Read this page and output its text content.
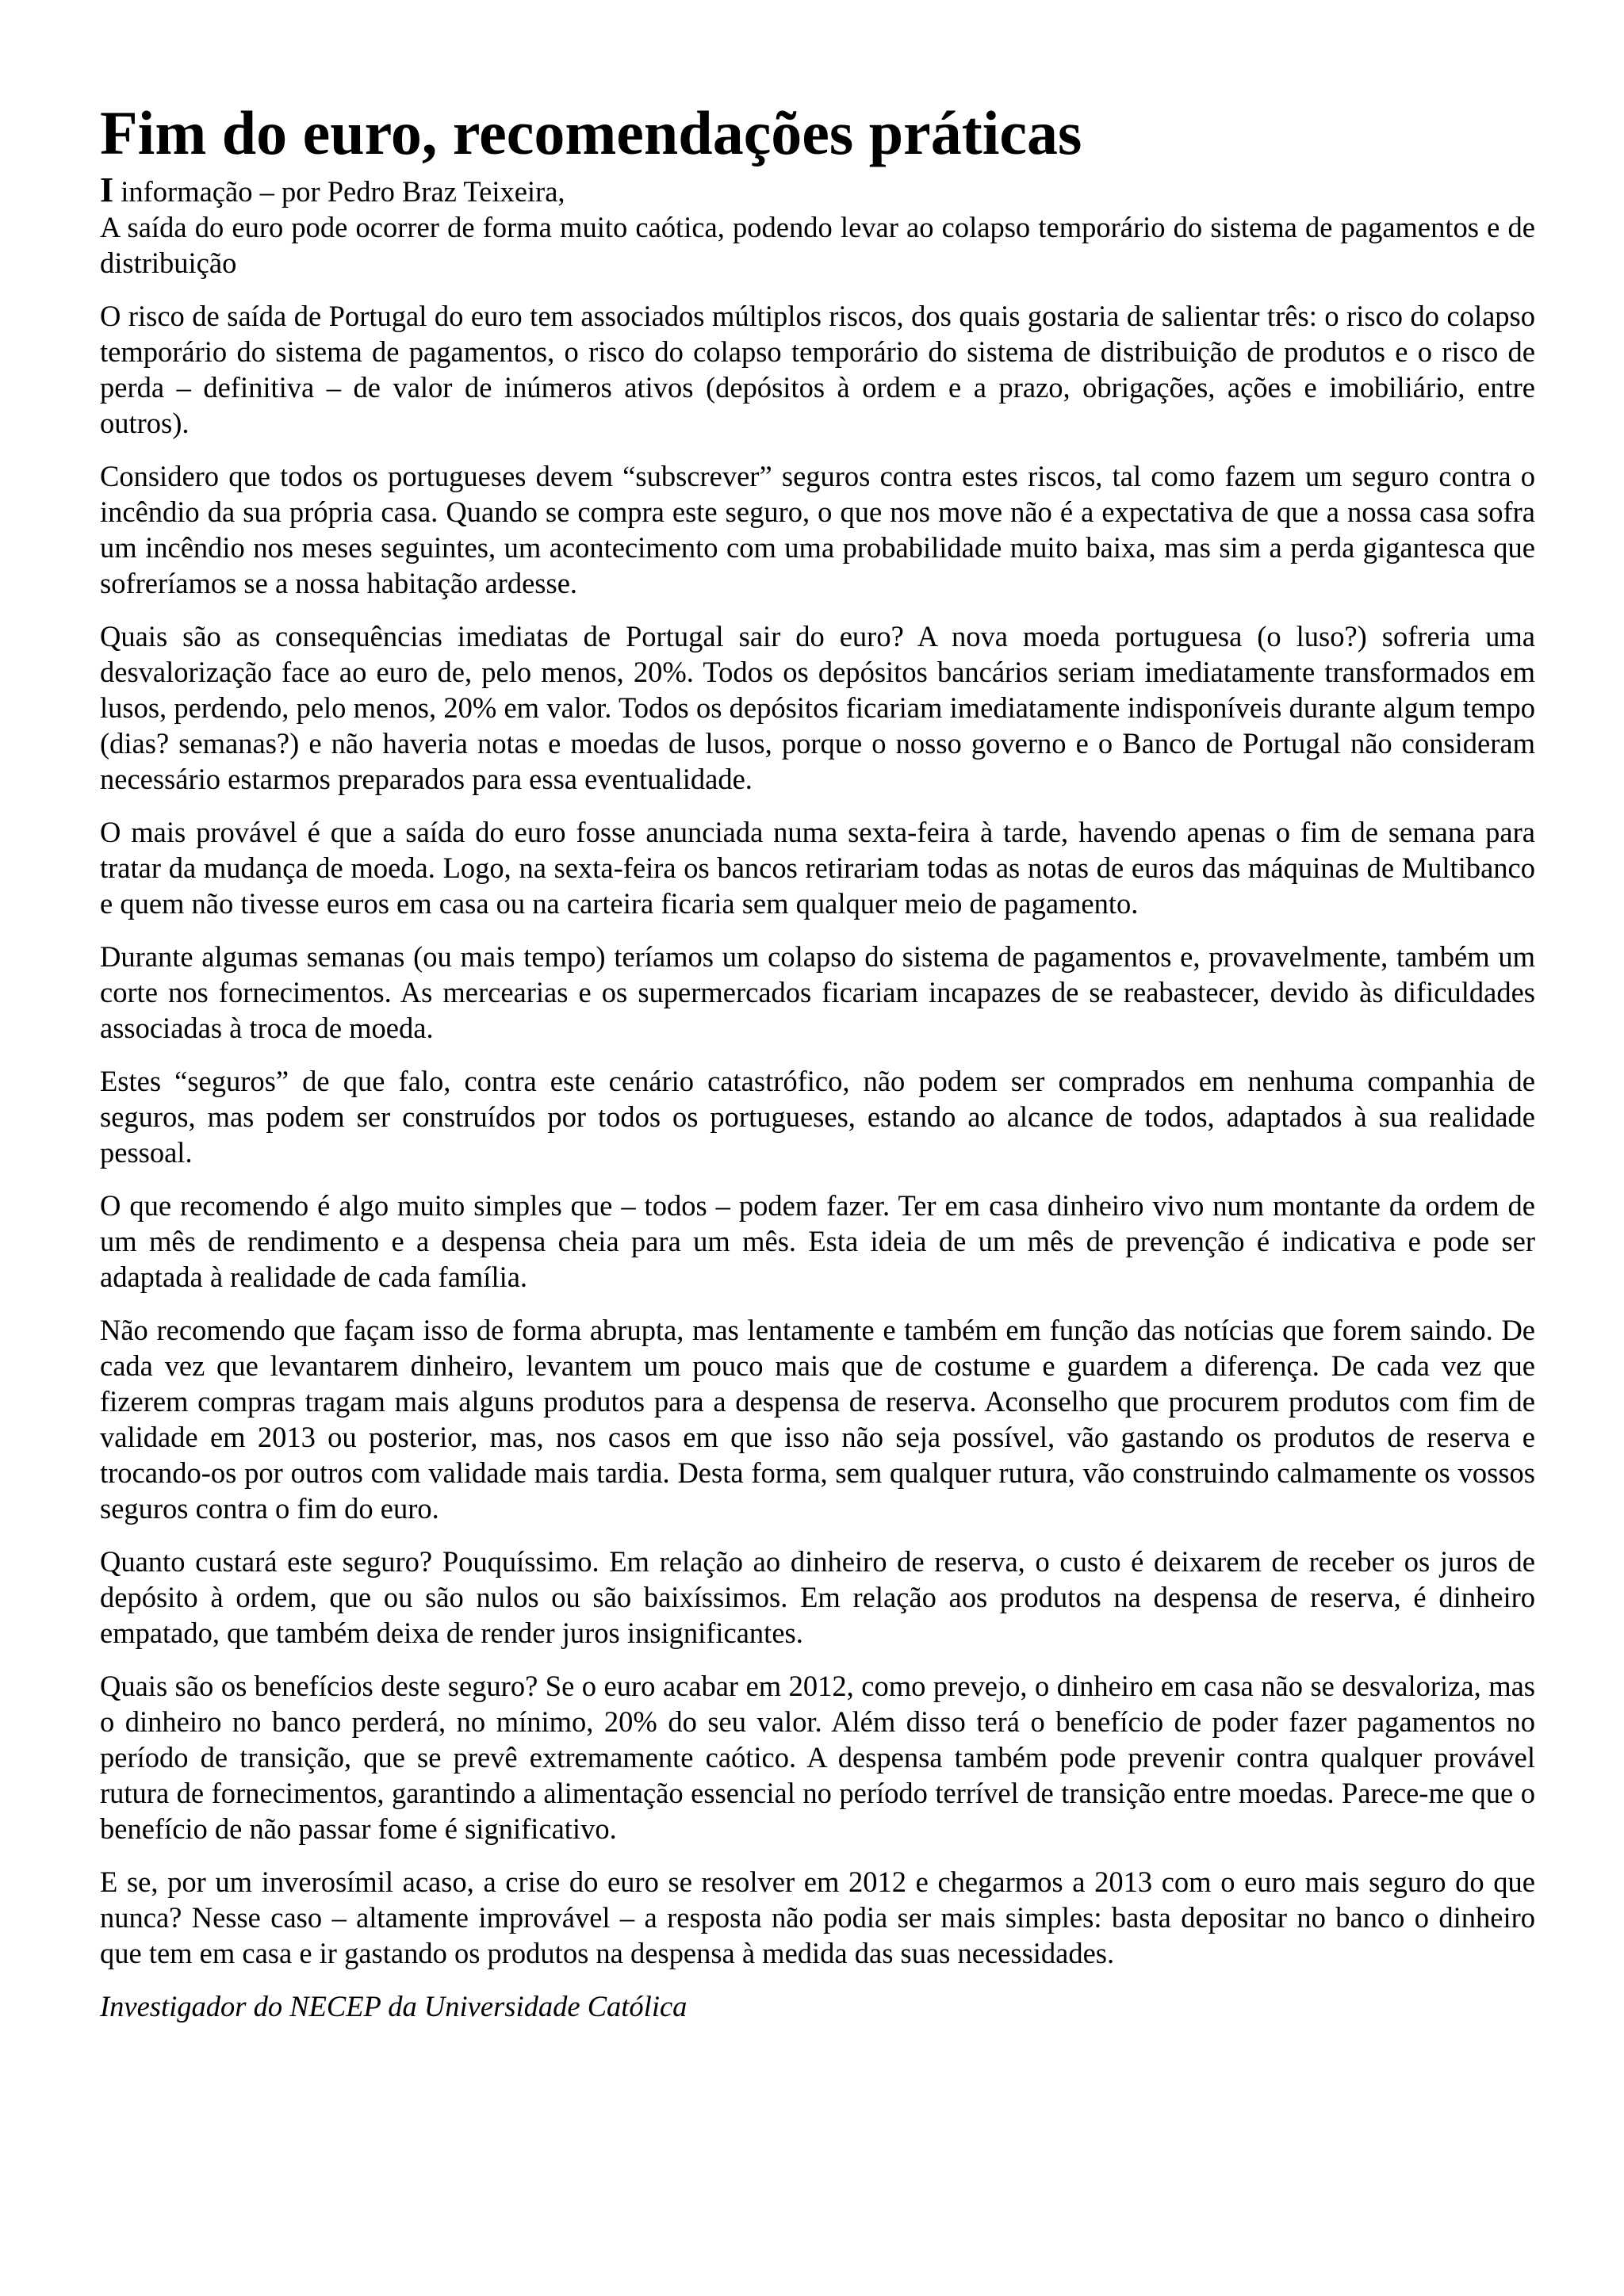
Fim do euro, recomendações práticas

I informação – por Pedro Braz Teixeira,

A saída do euro pode ocorrer de forma muito caótica, podendo levar ao colapso temporário do sistema de pagamentos e de distribuição

O risco de saída de Portugal do euro tem associados múltiplos riscos, dos quais gostaria de salientar três: o risco do colapso temporário do sistema de pagamentos, o risco do colapso temporário do sistema de distribuição de produtos e o risco de perda – definitiva – de valor de inúmeros ativos (depósitos à ordem e a prazo, obrigações, ações e imobiliário, entre outros).

Considero que todos os portugueses devem “subscrever” seguros contra estes riscos, tal como fazem um seguro contra o incêndio da sua própria casa. Quando se compra este seguro, o que nos move não é a expectativa de que a nossa casa sofra um incêndio nos meses seguintes, um acontecimento com uma probabilidade muito baixa, mas sim a perda gigantesca que sofreríamos se a nossa habitação ardesse.

Quais são as consequências imediatas de Portugal sair do euro? A nova moeda portuguesa (o luso?) sofreria uma desvalorização face ao euro de, pelo menos, 20%. Todos os depósitos bancários seriam imediatamente transformados em lusos, perdendo, pelo menos, 20% em valor. Todos os depósitos ficariam imediatamente indisponíveis durante algum tempo (dias? semanas?) e não haveria notas e moedas de lusos, porque o nosso governo e o Banco de Portugal não consideram necessário estarmos preparados para essa eventualidade.

O mais provável é que a saída do euro fosse anunciada numa sexta-feira à tarde, havendo apenas o fim de semana para tratar da mudança de moeda. Logo, na sexta-feira os bancos retirariam todas as notas de euros das máquinas de Multibanco e quem não tivesse euros em casa ou na carteira ficaria sem qualquer meio de pagamento.

Durante algumas semanas (ou mais tempo) teríamos um colapso do sistema de pagamentos e, provavelmente, também um corte nos fornecimentos. As mercearias e os supermercados ficariam incapazes de se reabastecer, devido às dificuldades associadas à troca de moeda.

Estes “seguros” de que falo, contra este cenário catastrófico, não podem ser comprados em nenhuma companhia de seguros, mas podem ser construídos por todos os portugueses, estando ao alcance de todos, adaptados à sua realidade pessoal.

O que recomendo é algo muito simples que – todos – podem fazer. Ter em casa dinheiro vivo num montante da ordem de um mês de rendimento e a despensa cheia para um mês. Esta ideia de um mês de prevenção é indicativa e pode ser adaptada à realidade de cada família.

Não recomendo que façam isso de forma abrupta, mas lentamente e também em função das notícias que forem saindo. De cada vez que levantarem dinheiro, levantem um pouco mais que de costume e guardem a diferença. De cada vez que fizerem compras tragam mais alguns produtos para a despensa de reserva. Aconselho que procurem produtos com fim de validade em 2013 ou posterior, mas, nos casos em que isso não seja possível, vão gastando os produtos de reserva e trocando-os por outros com validade mais tardia. Desta forma, sem qualquer rutura, vão construindo calmamente os vossos seguros contra o fim do euro.

Quanto custará este seguro? Pouquíssimo. Em relação ao dinheiro de reserva, o custo é deixarem de receber os juros de depósito à ordem, que ou são nulos ou são baixíssimos. Em relação aos produtos na despensa de reserva, é dinheiro empatado, que também deixa de render juros insignificantes.

Quais são os benefícios deste seguro? Se o euro acabar em 2012, como prevejo, o dinheiro em casa não se desvaloriza, mas o dinheiro no banco perderá, no mínimo, 20% do seu valor. Além disso terá o benefício de poder fazer pagamentos no período de transição, que se prevê extremamente caótico. A despensa também pode prevenir contra qualquer provável rutura de fornecimentos, garantindo a alimentação essencial no período terrível de transição entre moedas. Parece-me que o benefício de não passar fome é significativo.

E se, por um inverosímil acaso, a crise do euro se resolver em 2012 e chegarmos a 2013 com o euro mais seguro do que nunca? Nesse caso – altamente improvável – a resposta não podia ser mais simples: basta depositar no banco o dinheiro que tem em casa e ir gastando os produtos na despensa à medida das suas necessidades.

Investigador do NECEP da Universidade Católica
